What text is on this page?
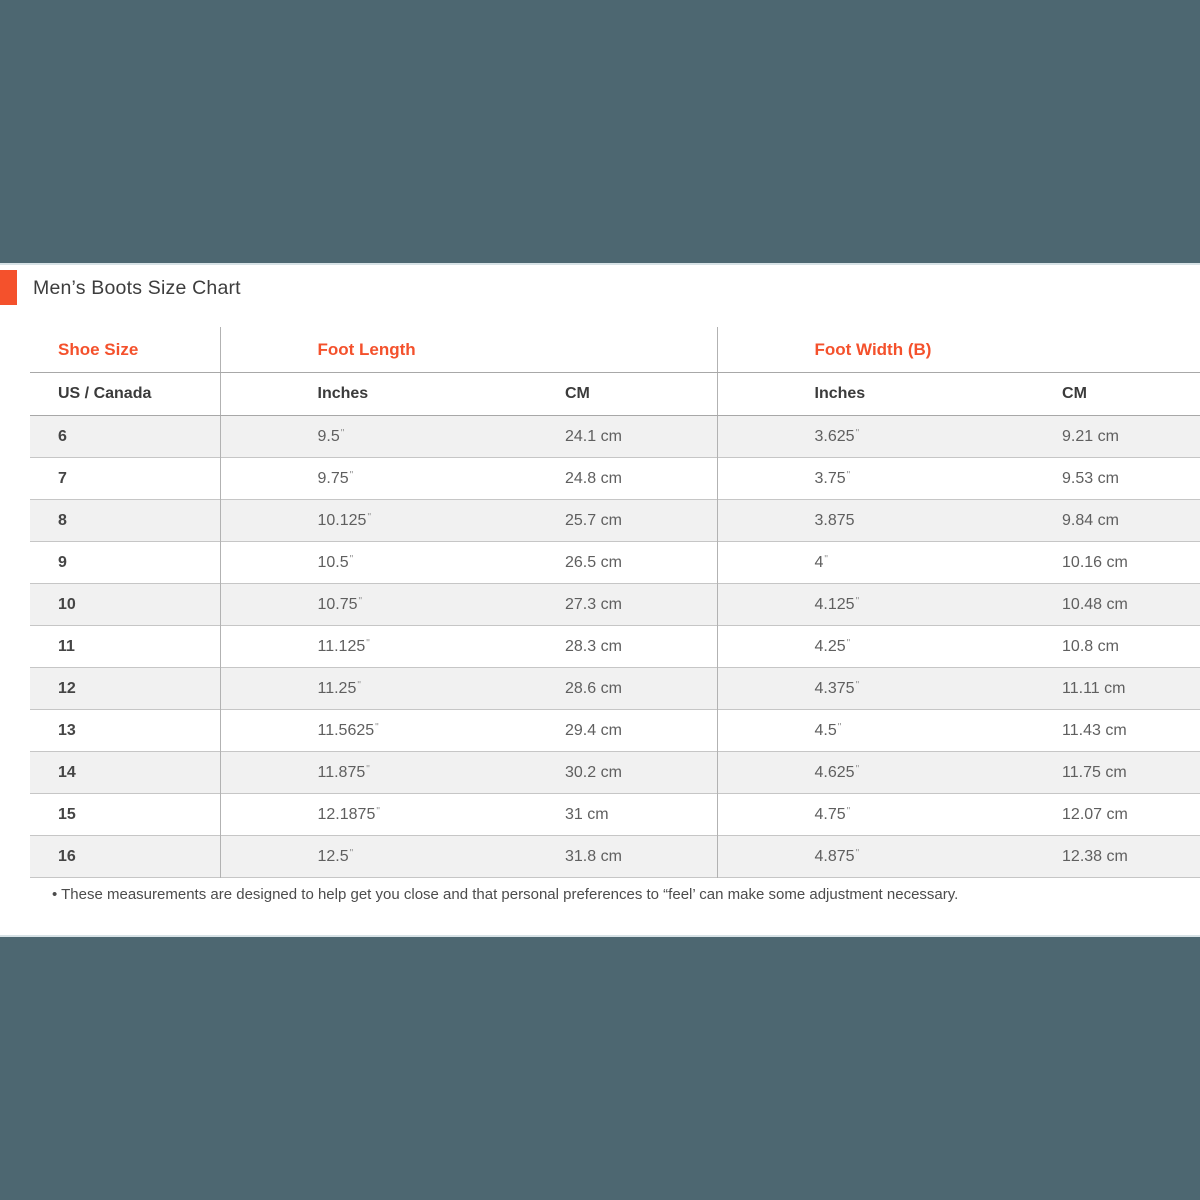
Men’s Boots Size Chart
Shoe Size	Foot Length		Foot Width (B)	
US / Canada	Inches	CM	Inches	CM
6	9.5"	24.1 cm	3.625"	9.21 cm
7	9.75"	24.8 cm	3.75"	9.53 cm
8	10.125"	25.7 cm	3.875	9.84 cm
9	10.5"	26.5 cm	4"	10.16 cm
10	10.75"	27.3 cm	4.125"	10.48 cm
11	11.125"	28.3 cm	4.25"	10.8 cm
12	11.25"	28.6 cm	4.375"	11.11 cm
13	11.5625"	29.4 cm	4.5"	11.43 cm
14	11.875"	30.2 cm	4.625"	11.75 cm
15	12.1875"	31 cm	4.75"	12.07 cm
16	12.5"	31.8 cm	4.875"	12.38 cm

• These measurements are designed to help get you close and that personal preferences to “feel’ can make some adjustment necessary.
